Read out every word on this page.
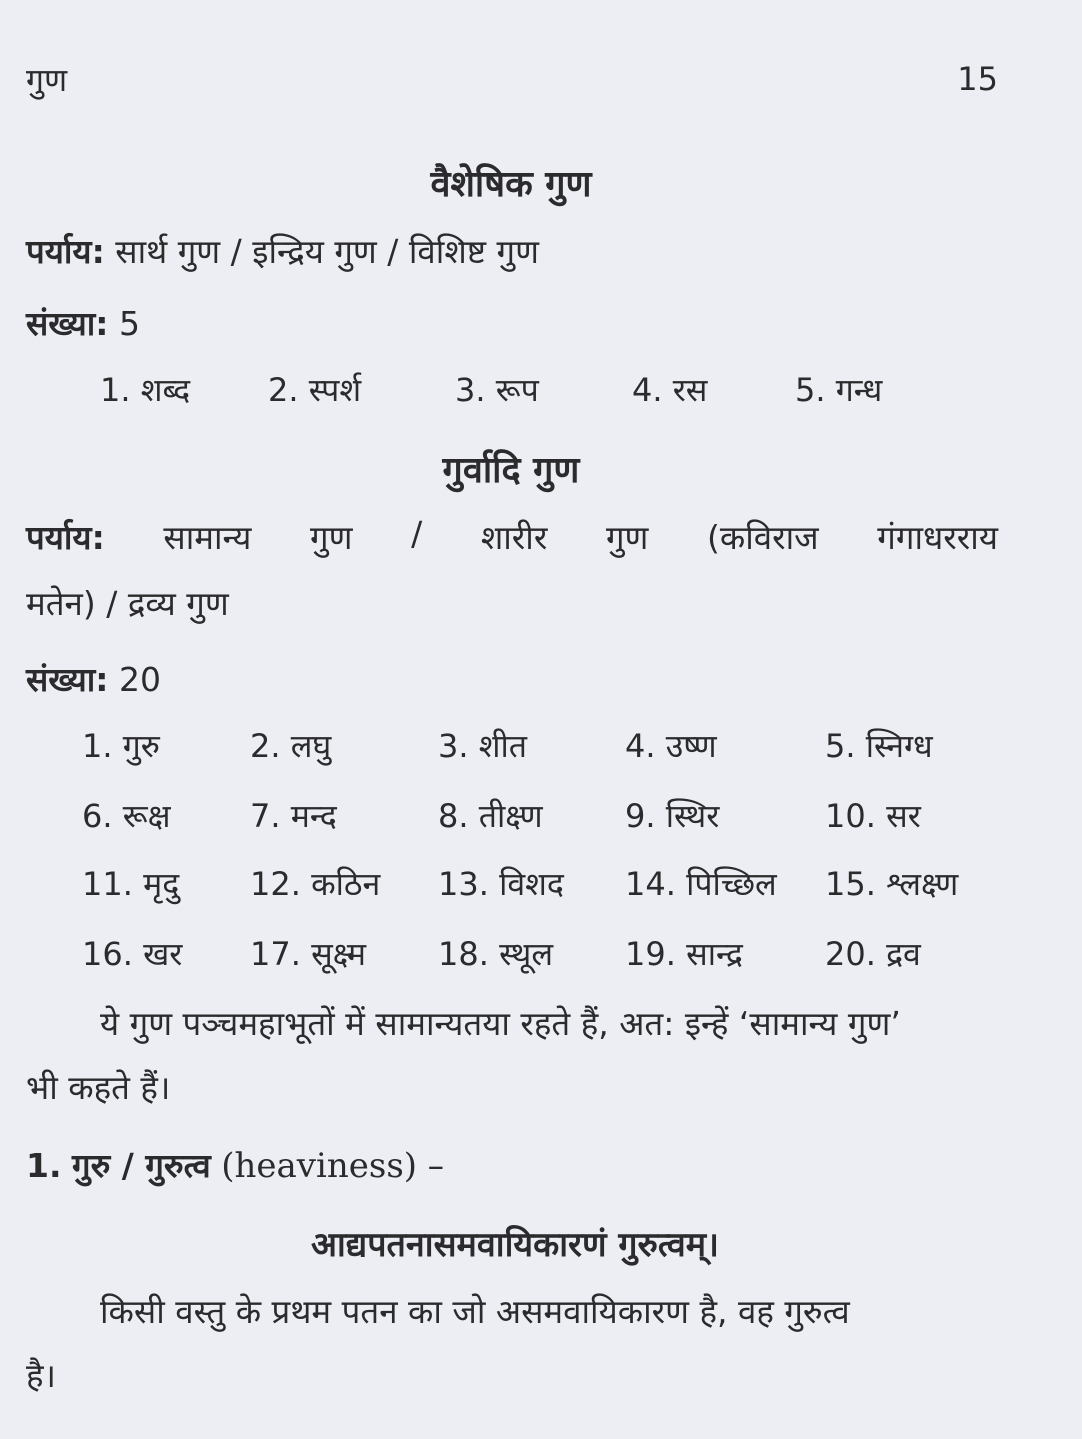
गुण	15
वैशेषिक गुण
पर्याय: सार्थ गुण / इन्द्रिय गुण / विशिष्ट गुण
संख्या: 5
1. शब्द 2. स्पर्श	3. रूप	4. रस	5. गन्ध
गुर्वादि गुण
पर्याय: सामान्य गुण / शारीर गुण (कविराज गंगाधरराय
मतेन) / द्रव्य गुण
संख्या: 20
1. गुरु	2. लघु	3. शीत	4. उष्ण	5. स्निग्ध
6. रूक्ष 7. मन्द	8. तीक्ष्ण	9. स्थिर	10. सर
11. मृदु 12. कठिन 13. विशद 14. पिच्छिल 15. श्लक्ष्ण
16. खर 17. सूक्ष्म 18. स्थूल 19. सान्द्र	20. द्रव
ये गुण पञ्चमहाभूतों में सामान्यतया रहते हैं, अत: इन्हें ‘सामान्य गुण’
भी कहते हैं।
1. गुरु / गुरुत्व (heaviness) –
आद्यपतनासमवायिकारणं गुरुत्वम्।
किसी वस्तु के प्रथम पतन का जो असमवायिकारण है, वह गुरुत्व
है।
